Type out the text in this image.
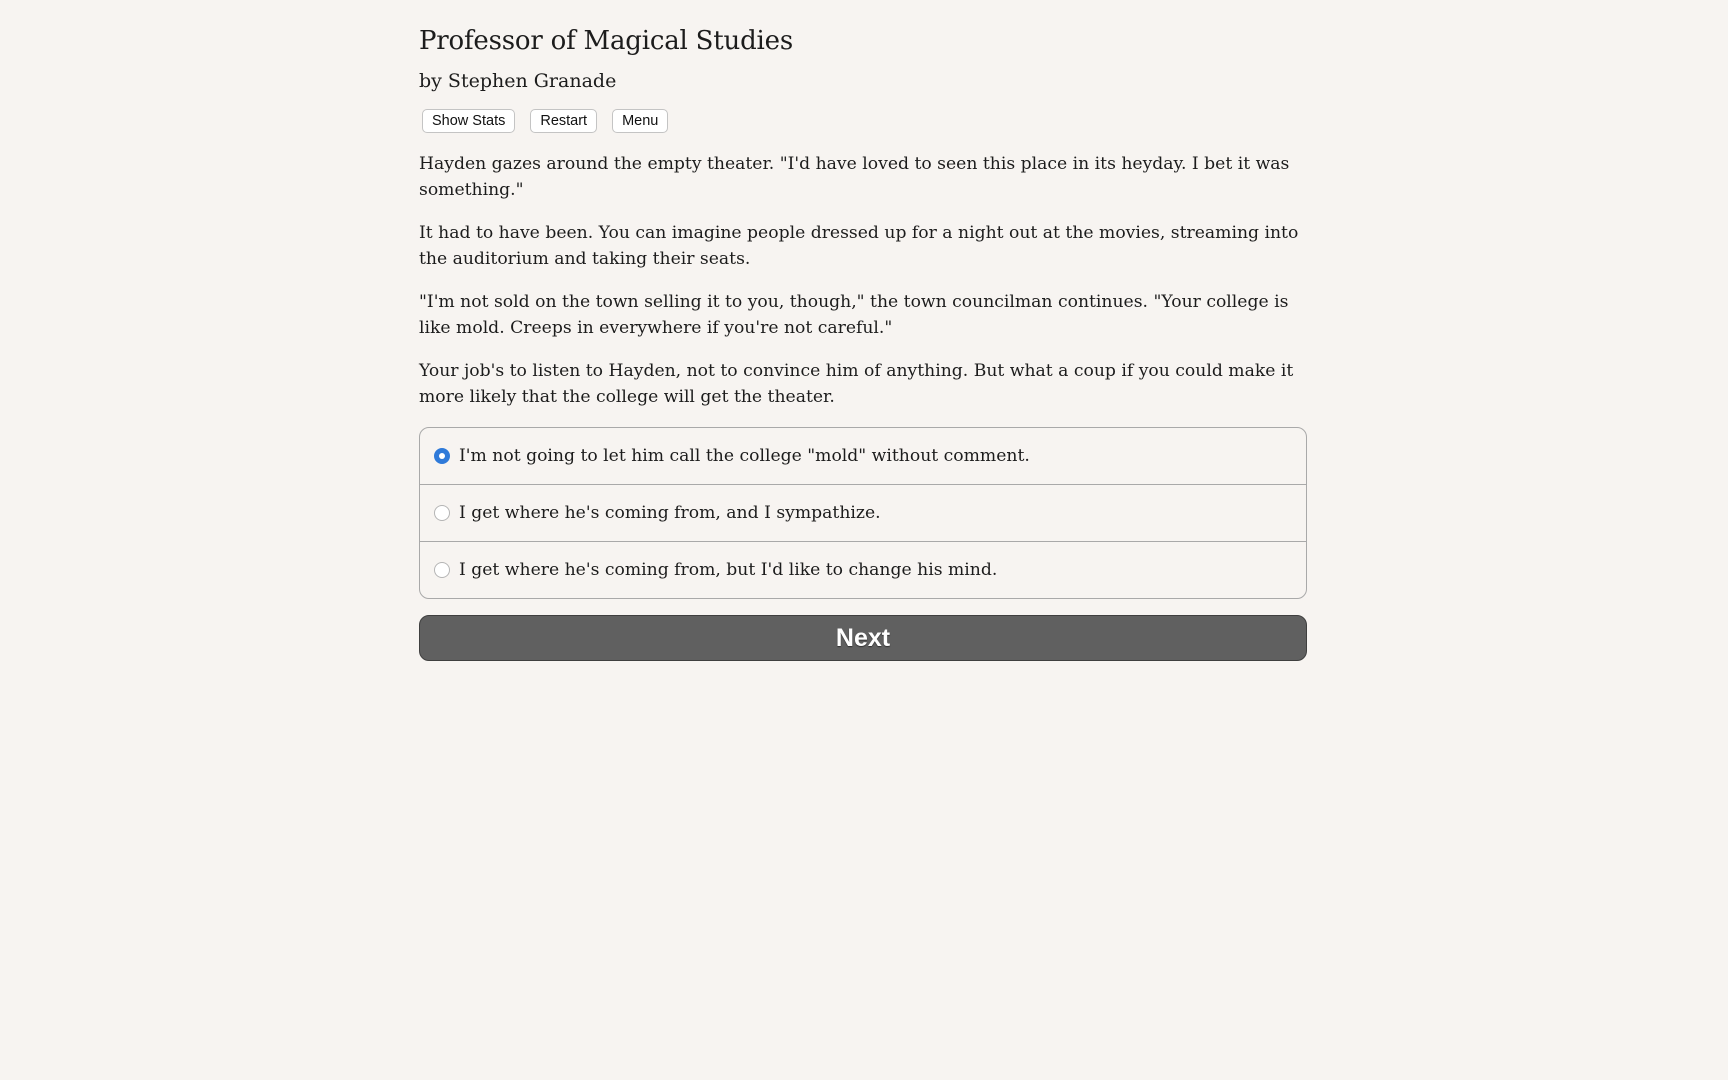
Professor of Magical Studies
by Stephen Granade
Show Stats	Restart	Menu

Hayden gazes around the empty theater. "I'd have loved to seen this place in its heyday. I bet it was something."

It had to have been. You can imagine people dressed up for a night out at the movies, streaming into the auditorium and taking their seats.

"I'm not sold on the town selling it to you, though," the town councilman continues. "Your college is like mold. Creeps in everywhere if you're not careful."

Your job's to listen to Hayden, not to convince him of anything. But what a coup if you could make it more likely that the college will get the theater.

I'm not going to let him call the college "mold" without comment.
I get where he's coming from, and I sympathize.
I get where he's coming from, but I'd like to change his mind.
Next
